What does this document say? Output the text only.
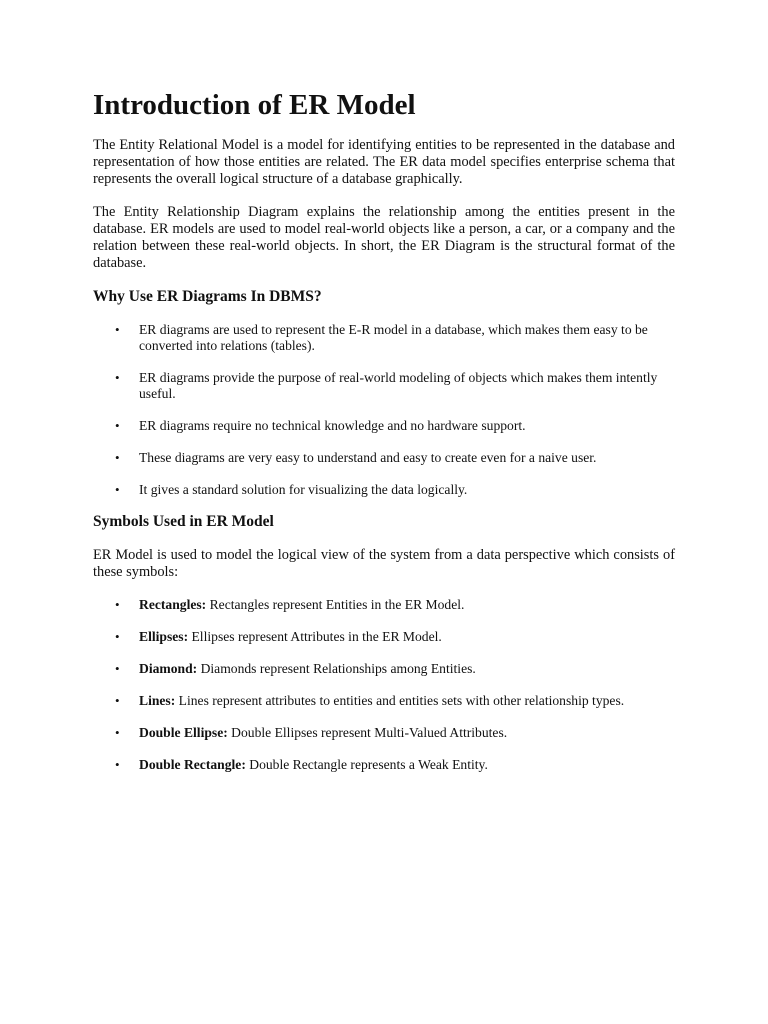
Introduction of ER Model

The Entity Relational Model is a model for identifying entities to be represented in the database and representation of how those entities are related. The ER data model specifies enterprise schema that represents the overall logical structure of a database graphically.

The Entity Relationship Diagram explains the relationship among the entities present in the database. ER models are used to model real-world objects like a person, a car, or a company and the relation between these real-world objects. In short, the ER Diagram is the structural format of the database.

Why Use ER Diagrams In DBMS?
• ER diagrams are used to represent the E-R model in a database, which makes them easy to be converted into relations (tables).
• ER diagrams provide the purpose of real-world modeling of objects which makes them intently useful.
• ER diagrams require no technical knowledge and no hardware support.
• These diagrams are very easy to understand and easy to create even for a naive user.
• It gives a standard solution for visualizing the data logically.
Symbols Used in ER Model

ER Model is used to model the logical view of the system from a data perspective which consists of these symbols:

• Rectangles: Rectangles represent Entities in the ER Model.
• Ellipses: Ellipses represent Attributes in the ER Model.
• Diamond: Diamonds represent Relationships among Entities.
• Lines: Lines represent attributes to entities and entities sets with other relationship types.
• Double Ellipse: Double Ellipses represent Multi-Valued Attributes.
• Double Rectangle: Double Rectangle represents a Weak Entity.
